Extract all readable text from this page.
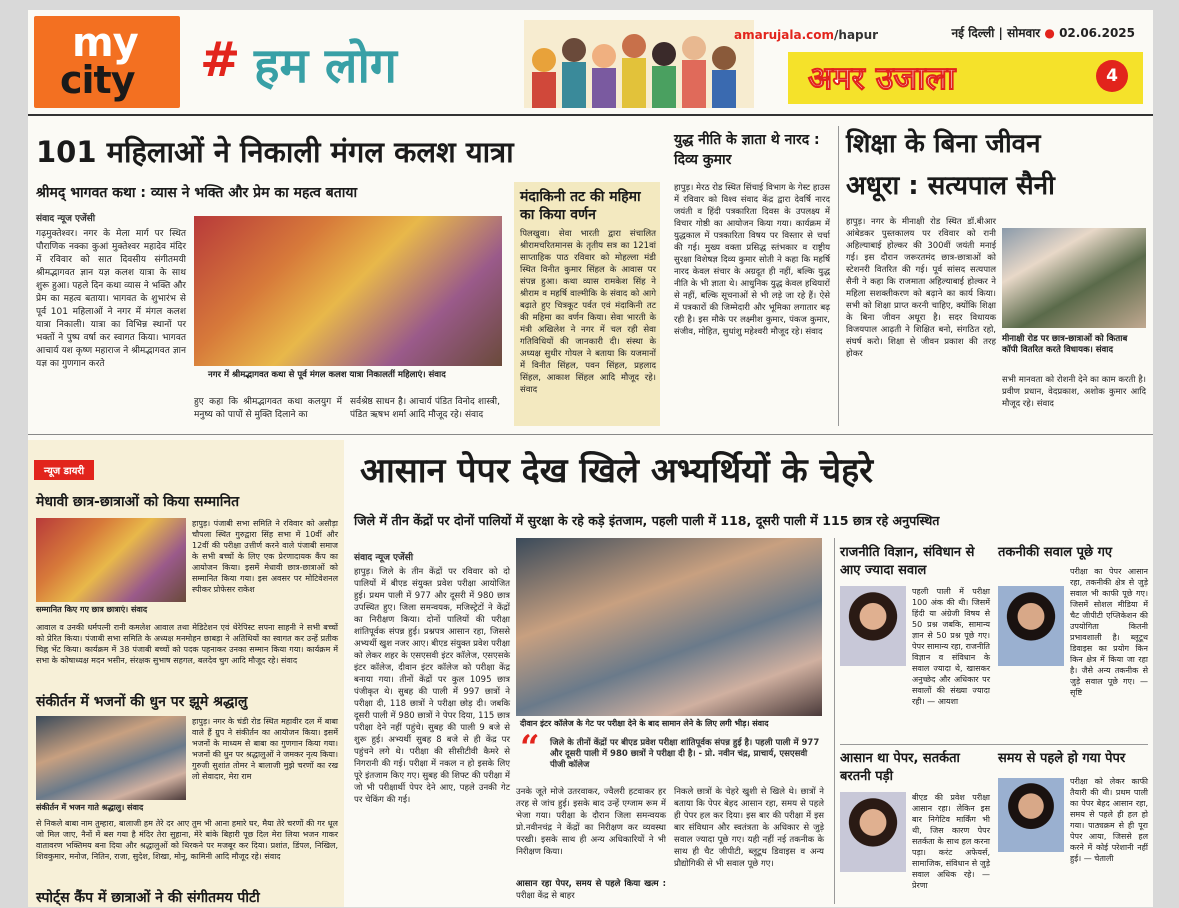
my
city # हम लोग
amarujala.com/hapur	नई दिल्ली | सोमवार ● 02.06.2025
अमर उजाला	4
101 महिलाओं ने निकाली मंगल कलश यात्रा
श्रीमद् भागवत कथा : व्यास ने भक्ति और प्रेम का महत्व बताया
संवाद न्यूज एजेंसी
गढ़मुक्तेश्वर। नगर के मेला मार्ग पर स्थित पौराणिक नक्का कुआं मुक्तेश्वर महादेव मंदिर में रविवार को सात दिवसीय संगीतमयी श्रीमद्भागवत ज्ञान यज्ञ कलश यात्रा के साथ शुरू हुआ। पहले दिन कथा व्यास ने भक्ति और प्रेम का महत्व बताया। भागवत के शुभारंभ से पूर्व 101 महिलाओं ने नगर में मंगल कलश यात्रा निकाली। यात्रा का विभिन्न स्थानों पर भक्तों ने पुष्प वर्षा कर स्वागत किया। भागवत आचार्य यश कृष्ण महाराज ने श्रीमद्भागवत ज्ञान यज्ञ का गुणगान करते
नगर में श्रीमद्भागवत कथा से पूर्व मंगल कलश यात्रा निकालतीं महिलाएं। संवाद
हुए कहा कि श्रीमद्भागवत कथा कलयुग में मनुष्य को पापों से मुक्ति दिलाने का
सर्वश्रेष्ठ साधन है। आचार्य पंडित विनोद शास्त्री, पंडित ऋषभ शर्मा आदि मौजूद रहे। संवाद
मंदाकिनी तट की महिमा का किया वर्णन
पिलखुवा। सेवा भारती द्वारा संचालित श्रीरामचरितमानस के तृतीय सत्र का 121वां साप्ताहिक पाठ रविवार को मोहल्ला मंडी स्थित विनीत कुमार सिंहल के आवास पर संपन्न हुआ। कथा व्यास रामकेश सिंह ने श्रीराम व महर्षि वाल्मीकि के संवाद को आगे बढ़ाते हुए चित्रकूट पर्वत एवं मंदाकिनी तट की महिमा का वर्णन किया। सेवा भारती के मंत्री अखिलेश ने नगर में चल रही सेवा गतिविधियों की जानकारी दी। संस्था के अध्यक्ष सुधीर गोयल ने बताया कि यजमानों में विनीत सिंहल, पवन सिंहल, प्रहलाद सिंहल, आकाश सिंहल आदि मौजूद रहे। संवाद
युद्ध नीति के ज्ञाता थे नारद : दिव्य कुमार
हापुड़। मेरठ रोड स्थित सिंचाई विभाग के गेस्ट हाउस में रविवार को विश्व संवाद केंद्र द्वारा देवर्षि नारद जयंती व हिंदी पत्रकारिता दिवस के उपलक्ष्य में विचार गोष्ठी का आयोजन किया गया। कार्यक्रम में युद्धकाल में पत्रकारिता विषय पर विस्तार से चर्चा की गई। मुख्य वक्ता प्रसिद्ध स्तंभकार व राष्ट्रीय सुरक्षा विशेषज्ञ दिव्य कुमार सोती ने कहा कि महर्षि नारद केवल संचार के अग्रदूत ही नहीं, बल्कि युद्ध नीति के भी ज्ञाता थे। आधुनिक युद्ध केवल हथियारों से नहीं, बल्कि सूचनाओं से भी लड़े जा रहे हैं। ऐसे में पत्रकारों की जिम्मेदारी और भूमिका लगातार बढ़ रही है। इस मौके पर लक्ष्मीश कुमार, पंकज कुमार, संजीव, मोहित, सुधांशु महेश्वरी मौजूद रहे। संवाद
शिक्षा के बिना जीवन
अधूरा : सत्यपाल सैनी
हापुड़। नगर के मीनाक्षी रोड स्थित डॉ.बीआर आंबेडकर पुस्तकालय पर रविवार को रानी अहिल्याबाई होल्कर की 300वीं जयंती मनाई गई। इस दौरान जरूरतमंद छात्र-छात्राओं को स्टेशनरी वितरित की गई। पूर्व सांसद सत्यपाल सैनी ने कहा कि राजमाता अहिल्याबाई होल्कर ने महिला सशक्तीकरण को बढ़ाने का कार्य किया। सभी को शिक्षा प्राप्त करनी चाहिए, क्योंकि शिक्षा के बिना जीवन अधूरा है। सदर विधायक विजयपाल आढ़ती ने शिक्षित बनो, संगठित रहो, संघर्ष करो। शिक्षा से जीवन प्रकाश की तरह होकर
मीनाक्षी रोड पर छात्र-छात्राओं को किताब कॉपी वितरित करते विधायक। संवाद
सभी मानवता को रोशनी देने का काम करती है। प्रवीण प्रधान, वेदप्रकाश, अशोक कुमार आदि मौजूद रहे। संवाद
न्यूज डायरी
मेधावी छात्र-छात्राओं को किया सम्मानित
सम्मानित किए गए छात्र छात्राएं। संवाद
हापुड़। पंजाबी सभा समिति ने रविवार को असौड़ा चौपला स्थित गुरुद्वारा सिंह सभा में 10वीं और 12वीं की परीक्षा उत्तीर्ण करने वाले पंजाबी समाज के सभी बच्चों के लिए एक प्रेरणादायक कैंप का आयोजन किया। इसमें मेधावी छात्र-छात्राओं को सम्मानित किया गया। इस अवसर पर मोटिवेशनल स्पीकर प्रोफेसर राकेश
आवाल व उनकी धर्मपत्नी रानी कमलेश आवाल तथा मेडिटेशन एवं थेरेपिस्ट सपना साहनी ने सभी बच्चों को प्रेरित किया। पंजाबी सभा समिति के अध्यक्ष मनमोहन छाबड़ा ने अतिथियों का स्वागत कर उन्हें प्रतीक चिह्न भेंट किया। कार्यक्रम में 38 पंजाबी बच्चों को पदक पहनाकर उनका सम्मान किया गया। कार्यक्रम में सभा के कोषाध्यक्ष मदन भसीन, संरक्षक सुभाष सहगल, बलदेव चुग आदि मौजूद रहे। संवाद
संकीर्तन में भजनों की धुन पर झूमे श्रद्धालु
संकीर्तन में भजन गाते श्रद्धालु। संवाद
हापुड़। नगर के चंडी रोड स्थित महावीर दल में बाबा वाले हैं ग्रुप ने संकीर्तन का आयोजन किया। इसमें भजनों के माध्यम से बाबा का गुणगान किया गया। भजनों की धुन पर श्रद्धालुओं ने जमकर नृत्य किया। गुरुजी सुशांत तोमर ने बालाजी मुझे चरणों का रख लो सेवादार, मेरा राम
से निकले बाबा नाम तुम्हारा, बालाजी हम तेरे दर आए तुम भी आना हमारे घर, मैया तेरे चरणों की गर धूल जो मिल जाए, नैनों में बस गया है मंदिर तेरा सुहाना, मेरे बांके बिहारी पूछ दिल मेरा लिया भजन गाकर वातावरण भक्तिमय बना दिया और श्रद्धालुओं को थिरकने पर मजबूर कर दिया। प्रशांत, डिंपल, निखिल, शिवकुमार, मनोज, नितिन, राजा, सुदेश, शिखा, मोनू, कामिनी आदि मौजूद रहे। संवाद
स्पोर्ट्स कैंप में छात्राओं ने की संगीतमय पीटी
आसान पेपर देख खिले अभ्यर्थियों के चेहरे
जिले में तीन केंद्रों पर दोनों पालियों में सुरक्षा के रहे कड़े इंतजाम, पहली पाली में 118, दूसरी पाली में 115 छात्र रहे अनुपस्थित
संवाद न्यूज एजेंसी
हापुड़। जिले के तीन केंद्रों पर रविवार को दो पालियों में बीएड संयुक्त प्रवेश परीक्षा आयोजित हुई। प्रथम पाली में 977 और दूसरी में 980 छात्र उपस्थित हुए। जिला समन्वयक, मजिस्ट्रेटों ने केंद्रों का निरीक्षण किया। दोनों पालियों की परीक्षा शांतिपूर्वक संपन्न हुई। प्रश्नपत्र आसान रहा, जिससे अभ्यर्थी खुश नजर आए। बीएड संयुक्त प्रवेश परीक्षा को लेकर शहर के एसएसवी इंटर कॉलेज, एसएसके इंटर कॉलेज, दीवान इंटर कॉलेज को परीक्षा केंद्र बनाया गया। तीनों केंद्रों पर कुल 1095 छात्र पंजीकृत थे। सुबह की पाली में 997 छात्रों ने परीक्षा दी, 118 छात्रों ने परीक्षा छोड़ दी। जबकि दूसरी पाली में 980 छात्रों ने पेपर दिया, 115 छात्र परीक्षा देने नहीं पहुंचे। सुबह की पाली 9 बजे से शुरू हुई। अभ्यर्थी सुबह 8 बजे से ही केंद्र पर पहुंचने लगे थे। परीक्षा की सीसीटीवी कैमरे से निगरानी की गई। परीक्षा में नकल न हो इसके लिए पूरे इंतजाम किए गए। सुबह की शिफ्ट की परीक्षा में जो भी परीक्षार्थी पेपर देने आए, पहले उनकी गेट पर चेकिंग की गई।
दीवान इंटर कॉलेज के गेट पर परीक्षा देने के बाद सामान लेने के लिए लगी भीड़। संवाद
“ जिले के तीनों केंद्रों पर बीएड प्रवेश परीक्षा शांतिपूर्वक संपन्न हुई है। पहली पाली में 977 और दूसरी पाली में 980 छात्रों ने परीक्षा दी है। - प्रो. नवीन चंद्र, प्राचार्य, एसएसवी पीजी कॉलेज
उनके जूते मोजे उतरवाकर, ज्वैलरी हटवाकर हर तरह से जांच हुई। इसके बाद उन्हें एग्जाम रूम में भेजा गया। परीक्षा के दौरान जिला समन्वयक प्रो.नवीनचंद्र ने केंद्रों का निरीक्षण कर व्यवस्था परखी। इसके साथ ही अन्य अधिकारियों ने भी निरीक्षण किया।
आसान रहा पेपर, समय से पहले किया खत्म : परीक्षा केंद्र से बाहर
निकले छात्रों के चेहरे खुशी से खिले थे। छात्रों ने बताया कि पेपर बेहद आसान रहा, समय से पहले ही पेपर हल कर दिया। इस बार की परीक्षा में इस बार संविधान और स्वतंत्रता के अधिकार से जुड़े सवाल ज्यादा पूछे गए। यही नहीं नई तकनीक के साथ ही चैट जीपीटी, ब्लूटूथ डिवाइस व अन्य प्रौद्योगिकी से भी सवाल पूछे गए।
राजनीति विज्ञान, संविधान से आए ज्यादा सवाल
पहली पाली में परीक्षा 100 अंक की थी। जिसमें हिंदी या अंग्रेजी विषय से 50 प्रश्न जबकि, सामान्य ज्ञान से 50 प्रश्न पूछे गए। पेपर सामान्य रहा, राजनीति विज्ञान व संविधान के सवाल ज्यादा थे, खासकर अनुच्छेद और अधिकार पर सवालों की संख्या ज्यादा रही। — आयशा
तकनीकी सवाल पूछे गए
परीक्षा का पेपर आसान रहा, तकनीकी क्षेत्र से जुड़े सवाल भी काफी पूछे गए। जिसमें सोशल मीडिया में चैट जीपीटी एप्लिकेशन की उपयोगिता कितनी प्रभावशाली है। ब्लूटूथ डिवाइस का प्रयोग किन किन क्षेत्र में किया जा रहा है। जैसे अन्य तकनीक से जुड़े सवाल पूछे गए। — सृष्टि
आसान था पेपर, सतर्कता बरतनी पड़ी
बीएड की प्रवेश परीक्षा आसान रहा। लेकिन इस बार निगेटिव मार्किंग भी थी, जिस कारण पेपर सतर्कता के साथ हल करना पड़ा। करंट अफेयर्स, सामाजिक, संविधान से जुड़े सवाल अधिक रहे। —प्रेरणा
समय से पहले हो गया पेपर
परीक्षा को लेकर काफी तैयारी की थी। प्रथम पाली का पेपर बेहद आसान रहा, समय से पहले ही हल हो गया। पाठ्यक्रम से ही पूरा पेपर आया, जिससे हल करने में कोई परेशानी नहीं हुई। — चेताली
